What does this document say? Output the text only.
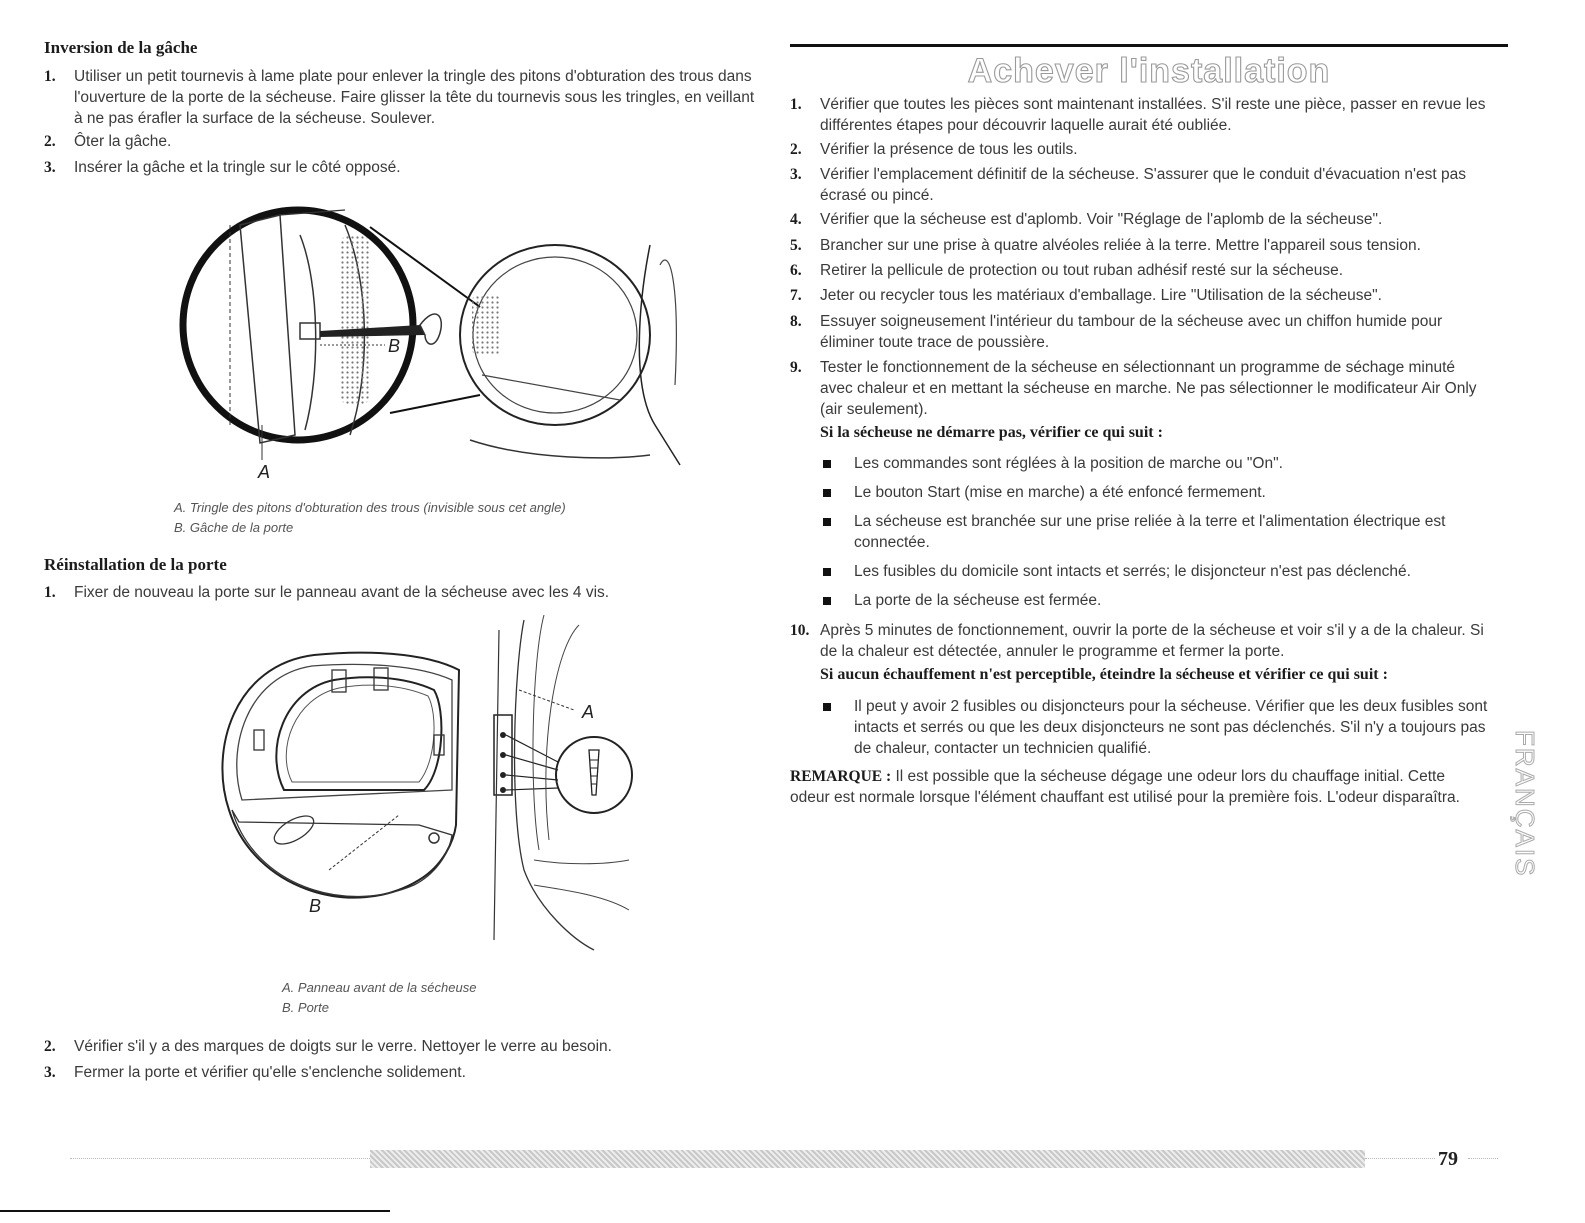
Inversion de la gâche
1.	Utiliser un petit tournevis à lame plate pour enlever la tringle des pitons d'obturation des trous dans l'ouverture de la porte de la sécheuse. Faire glisser la tête du tournevis sous les tringles, en veillant à ne pas érafler la surface de la sécheuse. Soulever.
2.	Ôter la gâche.
3.	Insérer la gâche et la tringle sur le côté opposé.
B
A
A. Tringle des pitons d'obturation des trous (invisible sous cet angle)
B. Gâche de la porte
Réinstallation de la porte
1.	Fixer de nouveau la porte sur le panneau avant de la sécheuse avec les 4 vis.
A
B
A. Panneau avant de la sécheuse
B. Porte
2.	Vérifier s'il y a des marques de doigts sur le verre. Nettoyer le verre au besoin.
3.	Fermer la porte et vérifier qu'elle s'enclenche solidement.
Achever l'installation
1.	Vérifier que toutes les pièces sont maintenant installées. S'il reste une pièce, passer en revue les différentes étapes pour découvrir laquelle aurait été oubliée.
2.	Vérifier la présence de tous les outils.
3.	Vérifier l'emplacement définitif de la sécheuse. S'assurer que le conduit d'évacuation n'est pas écrasé ou pincé.
4.	Vérifier que la sécheuse est d'aplomb. Voir "Réglage de l'aplomb de la sécheuse".
5.	Brancher sur une prise à quatre alvéoles reliée à la terre. Mettre l'appareil sous tension.
6.	Retirer la pellicule de protection ou tout ruban adhésif resté sur la sécheuse.
7.	Jeter ou recycler tous les matériaux d'emballage. Lire "Utilisation de la sécheuse".
8.	Essuyer soigneusement l'intérieur du tambour de la sécheuse avec un chiffon humide pour éliminer toute trace de poussière.
9.	Tester le fonctionnement de la sécheuse en sélectionnant un programme de séchage minuté avec chaleur et en mettant la sécheuse en marche. Ne pas sélectionner le modificateur Air Only (air seulement).
Si la sécheuse ne démarre pas, vérifier ce qui suit :
Les commandes sont réglées à la position de marche ou "On".
Le bouton Start (mise en marche) a été enfoncé fermement.
La sécheuse est branchée sur une prise reliée à la terre et l'alimentation électrique est connectée.
Les fusibles du domicile sont intacts et serrés; le disjoncteur n'est pas déclenché.
La porte de la sécheuse est fermée.
10. Après 5 minutes de fonctionnement, ouvrir la porte de la sécheuse et voir s'il y a de la chaleur. Si de la chaleur est détectée, annuler le programme et fermer la porte.
Si aucun échauffement n'est perceptible, éteindre la sécheuse et vérifier ce qui suit :
Il peut y avoir 2 fusibles ou disjoncteurs pour la sécheuse. Vérifier que les deux fusibles sont intacts et serrés ou que les deux disjoncteurs ne sont pas déclenchés. S'il n'y a toujours pas de chaleur, contacter un technicien qualifié.
REMARQUE : Il est possible que la sécheuse dégage une odeur lors du chauffage initial. Cette odeur est normale lorsque l'élément chauffant est utilisé pour la première fois. L'odeur disparaîtra.	FRANÇAIS
79
